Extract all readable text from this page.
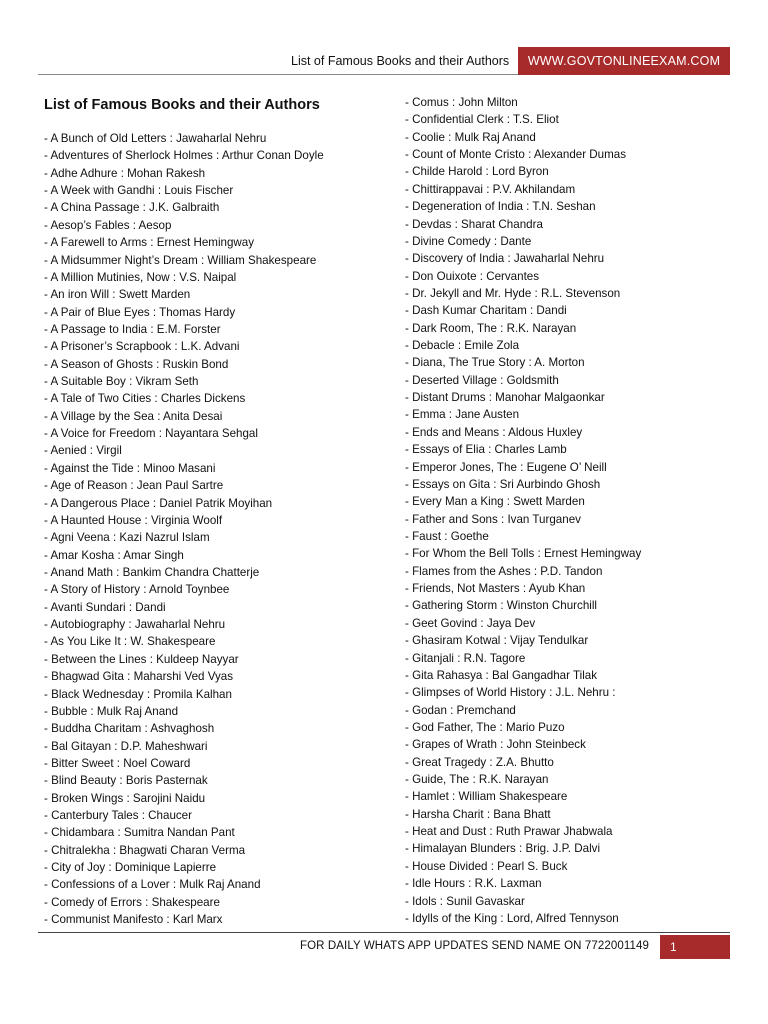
List of Famous Books and their Authors	WWW.GOVTONLINEEXAM.COM
List of Famous Books and their Authors
- A Bunch of Old Letters : Jawaharlal Nehru
- Adventures of Sherlock Holmes : Arthur Conan Doyle
- Adhe Adhure : Mohan Rakesh
- A Week with Gandhi : Louis Fischer
- A China Passage : J.K. Galbraith
- Aesop’s Fables : Aesop
- A Farewell to Arms : Ernest Hemingway
- A Midsummer Night’s Dream : William Shakespeare
- A Million Mutinies, Now : V.S. Naipal
- An iron Will : Swett Marden
- A Pair of Blue Eyes : Thomas Hardy
- A Passage to India : E.M. Forster
- A Prisoner’s Scrapbook : L.K. Advani
- A Season of Ghosts : Ruskin Bond
- A Suitable Boy : Vikram Seth
- A Tale of Two Cities : Charles Dickens
- A Village by the Sea : Anita Desai
- A Voice for Freedom : Nayantara Sehgal
- Aenied : Virgil
- Against the Tide : Minoo Masani
- Age of Reason : Jean Paul Sartre
- A Dangerous Place : Daniel Patrik Moyihan
- A Haunted House : Virginia Woolf
- Agni Veena : Kazi Nazrul Islam
- Amar Kosha : Amar Singh
- Anand Math : Bankim Chandra Chatterje
- A Story of History : Arnold Toynbee
- Avanti Sundari : Dandi
- Autobiography : Jawaharlal Nehru
- As You Like It : W. Shakespeare
- Between the Lines : Kuldeep Nayyar
- Bhagwad Gita : Maharshi Ved Vyas
- Black Wednesday : Promila Kalhan
- Bubble : Mulk Raj Anand
- Buddha Charitam : Ashvaghosh
- Bal Gitayan : D.P. Maheshwari
- Bitter Sweet : Noel Coward
- Blind Beauty : Boris Pasternak
- Broken Wings : Sarojini Naidu
- Canterbury Tales : Chaucer
- Chidambara : Sumitra Nandan Pant
- Chitralekha : Bhagwati Charan Verma
- City of Joy : Dominique Lapierre
- Confessions of a Lover : Mulk Raj Anand
- Comedy of Errors : Shakespeare
- Communist Manifesto : Karl Marx
- Comus : John Milton
- Confidential Clerk : T.S. Eliot
- Coolie : Mulk Raj Anand
- Count of Monte Cristo : Alexander Dumas
- Childe Harold : Lord Byron
- Chittirappavai : P.V. Akhilandam
- Degeneration of India : T.N. Seshan
- Devdas : Sharat Chandra
- Divine Comedy : Dante
- Discovery of India : Jawaharlal Nehru
- Don Ouixote : Cervantes
- Dr. Jekyll and Mr. Hyde : R.L. Stevenson
- Dash Kumar Charitam : Dandi
- Dark Room, The : R.K. Narayan
- Debacle : Emile Zola
- Diana, The True Story : A. Morton
- Deserted Village : Goldsmith
- Distant Drums : Manohar Malgaonkar
- Emma : Jane Austen
- Ends and Means : Aldous Huxley
- Essays of Elia : Charles Lamb
- Emperor Jones, The : Eugene O’ Neill
- Essays on Gita : Sri Aurbindo Ghosh
- Every Man a King : Swett Marden
- Father and Sons : Ivan Turganev
- Faust : Goethe
- For Whom the Bell Tolls : Ernest Hemingway
- Flames from the Ashes : P.D. Tandon
- Friends, Not Masters : Ayub Khan
- Gathering Storm : Winston Churchill
- Geet Govind : Jaya Dev
- Ghasiram Kotwal : Vijay Tendulkar
- Gitanjali : R.N. Tagore
- Gita Rahasya : Bal Gangadhar Tilak
- Glimpses of World History : J.L. Nehru :
- Godan : Premchand
- God Father, The : Mario Puzo
- Grapes of Wrath : John Steinbeck
- Great Tragedy : Z.A. Bhutto
- Guide, The : R.K. Narayan
- Hamlet : William Shakespeare
- Harsha Charit : Bana Bhatt
- Heat and Dust : Ruth Prawar Jhabwala
- Himalayan Blunders : Brig. J.P. Dalvi
- House Divided : Pearl S. Buck
- Idle Hours : R.K. Laxman
- Idols : Sunil Gavaskar
- Idylls of the King : Lord, Alfred Tennyson
FOR DAILY WHATS APP UPDATES SEND NAME ON 7722001149	1
